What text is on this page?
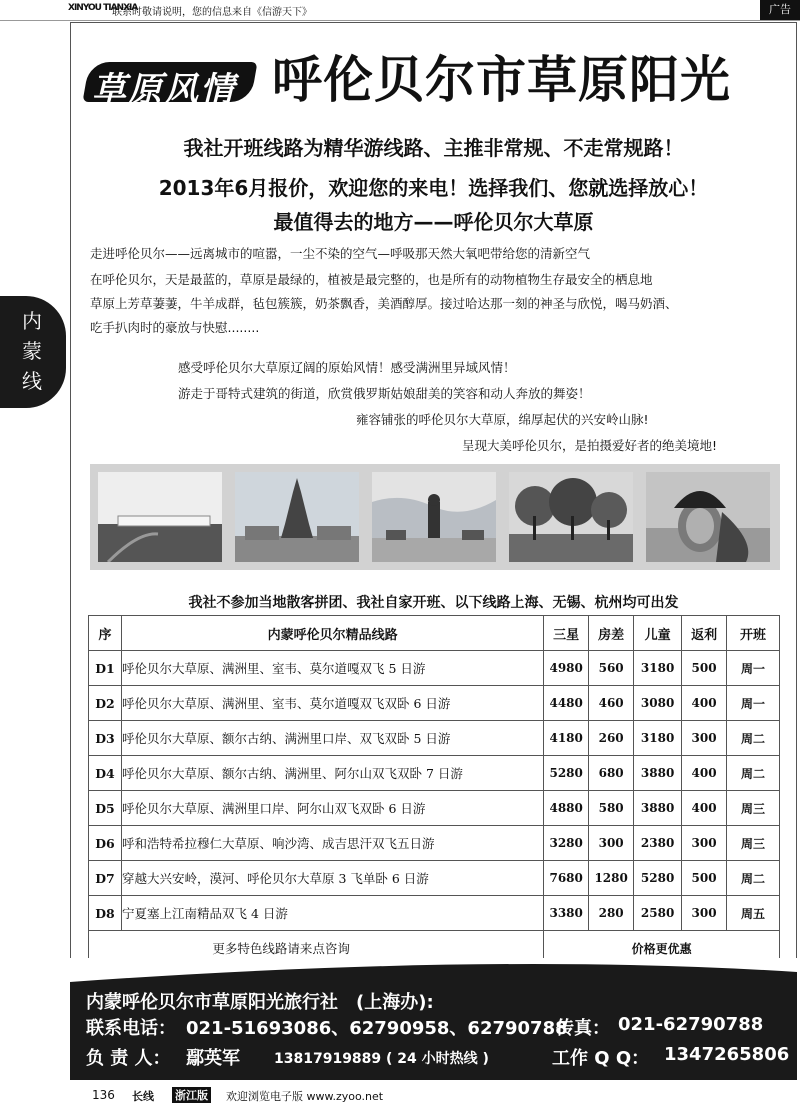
XINYOU TIANXIA
联系时敬请说明，您的信息来自《信游天下》	广告
内
蒙
线
草原风情 呼伦贝尔市草原阳光
我社开班线路为精华游线路、主推非常规、不走常规路！
2013年6月报价，欢迎您的来电！选择我们、您就选择放心！
最值得去的地方——呼伦贝尔大草原
走进呼伦贝尔——远离城市的喧嚣，一尘不染的空气—呼吸那天然大氧吧带给您的清新空气
在呼伦贝尔，天是最蓝的，草原是最绿的，植被是最完整的，也是所有的动物植物生存最安全的栖息地
草原上芳草萋萋，牛羊成群，毡包簇簇，奶茶飘香，美酒醇厚。接过哈达那一刻的神圣与欣悦，喝马奶酒、
吃手扒肉时的豪放与快慰........
感受呼伦贝尔大草原辽阔的原始风情！感受满洲里异域风情！
游走于哥特式建筑的街道，欣赏俄罗斯姑娘甜美的笑容和动人奔放的舞姿！
雍容铺张的呼伦贝尔大草原，绵厚起伏的兴安岭山脉!
呈现大美呼伦贝尔，是拍摄爱好者的绝美境地!
我社不参加当地散客拼团、我社自家开班、以下线路上海、无锡、杭州均可出发
序	内蒙呼伦贝尔精品线路	三星	房差	儿童	返利	开班
D1	呼伦贝尔大草原、满洲里、室韦、莫尔道嘎双飞 5 日游	4980	560	3180	500	周一
D2	呼伦贝尔大草原、满洲里、室韦、莫尔道嘎双飞双卧 6 日游	4480	460	3080	400	周一
D3	呼伦贝尔大草原、额尔古纳、满洲里口岸、双飞双卧 5 日游	4180	260	3180	300	周二
D4	呼伦贝尔大草原、额尔古纳、满洲里、阿尔山双飞双卧 7 日游	5280	680	3880	400	周二
D5	呼伦贝尔大草原、满洲里口岸、阿尔山双飞双卧 6 日游	4880	580	3880	400	周三
D6	呼和浩特希拉穆仁大草原、响沙湾、成吉思汗双飞五日游	3280	300	2380	300	周三
D7	穿越大兴安岭，漠河、呼伦贝尔大草原 3 飞单卧 6 日游	7680	1280	5280	500	周二
D8	宁夏塞上江南精品双飞 4 日游	3380	280	2580	300	周五
更多特色线路请来点咨询		价格更优惠				
内蒙呼伦贝尔市草原阳光旅行社　(上海办):
联系电话： 021-51693086、62790958、62790788
传真： 021-62790788
负 责 人： 鄢英军 13817919889 ( 24 小时热线 )	工作 Q Q： 1347265806
136 长线 浙江版 欢迎浏览电子版 www.zyoo.net
